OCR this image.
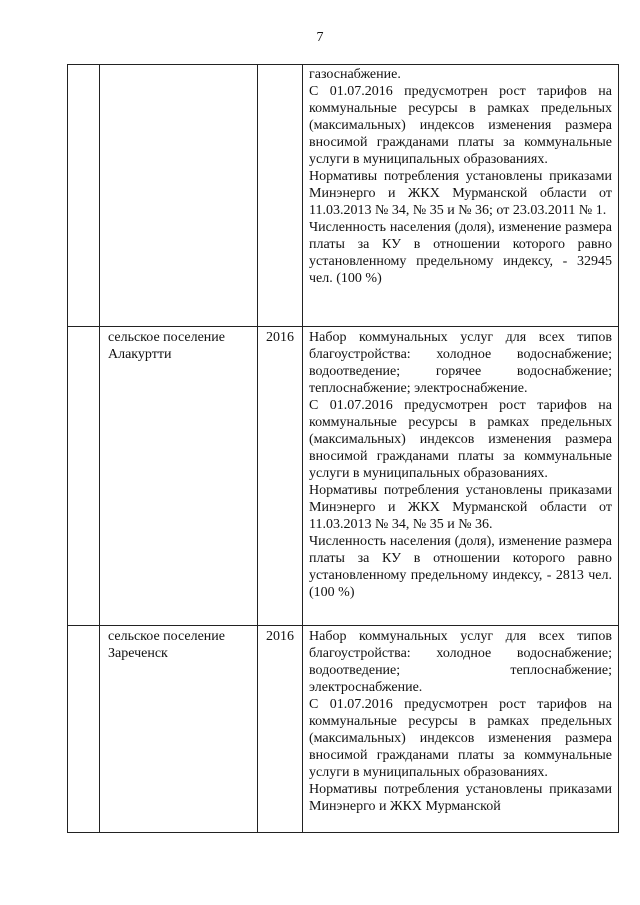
7

			газоснабжение.

С 01.07.2016 предусмотрен рост тарифов на коммунальные ресурсы в рамках предельных (максимальных) индексов изменения размера вносимой гражданами платы за коммунальные услуги в муниципальных образованиях.

Нормативы потребления установлены приказами Минэнерго и ЖКХ Мурманской области от 11.03.2013 № 34, № 35 и № 36; от 23.03.2011 № 1.

Численность населения (доля), изменение размера платы за КУ в отношении которого равно установленному предельному индексу, - 32945 чел. (100 %)

	сельское поселение Алакуртти	2016	Набор коммунальных услуг для всех типов благоустройства: холодное водоснабжение; водоотведение; горячее водоснабжение; теплоснабжение; электроснабжение.

С 01.07.2016 предусмотрен рост тарифов на коммунальные ресурсы в рамках предельных (максимальных) индексов изменения размера вносимой гражданами платы за коммунальные услуги в муниципальных образованиях.

Нормативы потребления установлены приказами Минэнерго и ЖКХ Мурманской области от 11.03.2013 № 34, № 35 и № 36.

Численность населения (доля), изменение размера платы за КУ в отношении которого равно установленному предельному индексу, - 2813 чел. (100 %)

	сельское поселение Зареченск	2016	Набор коммунальных услуг для всех типов благоустройства: холодное водоснабжение; водоотведение; теплоснабжение; электроснабжение.

С 01.07.2016 предусмотрен рост тарифов на коммунальные ресурсы в рамках предельных (максимальных) индексов изменения размера вносимой гражданами платы за коммунальные услуги в муниципальных образованиях.

Нормативы потребления установлены приказами Минэнерго и ЖКХ Мурманской
